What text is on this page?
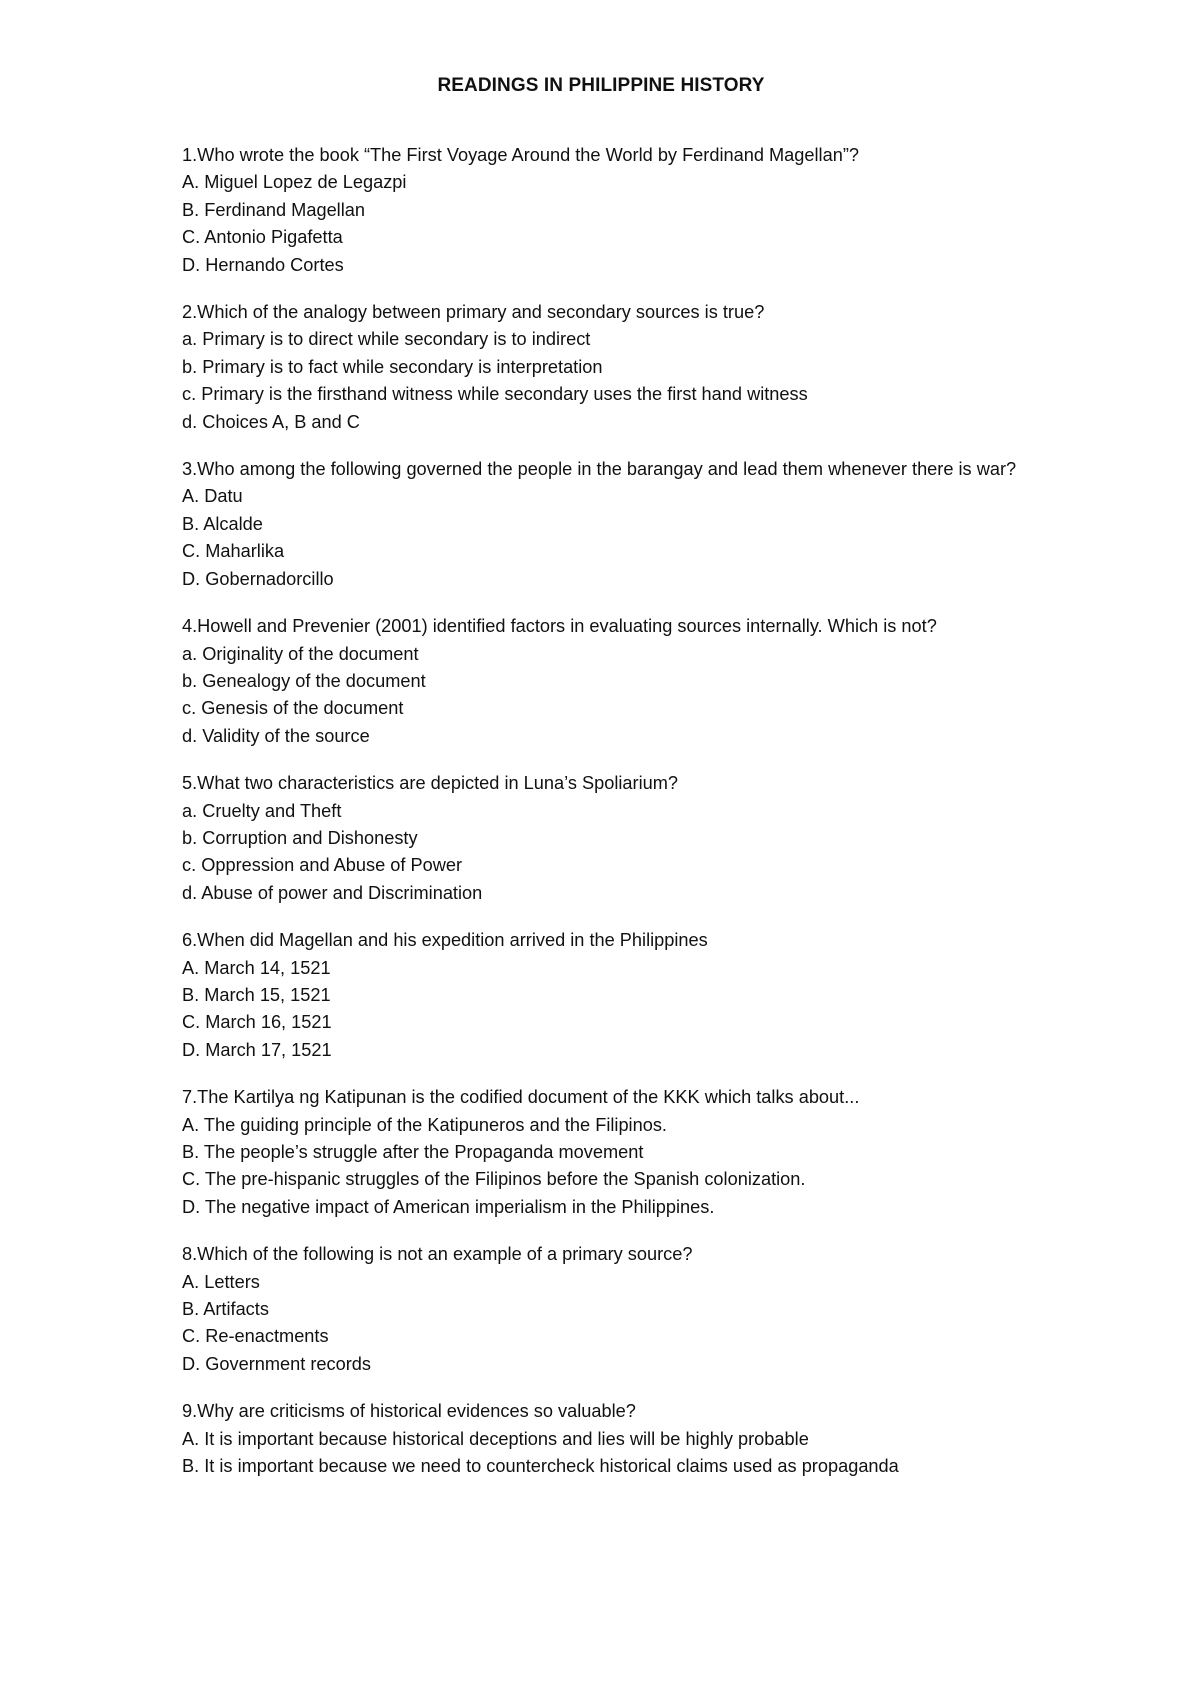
READINGS IN PHILIPPINE HISTORY

1.Who wrote the book “The First Voyage Around the World by Ferdinand Magellan”?

A. Miguel Lopez de Legazpi
B. Ferdinand Magellan
C. Antonio Pigafetta
D. Hernando Cortes

2.Which of the analogy between primary and secondary sources is true?

a. Primary is to direct while secondary is to indirect
b. Primary is to fact while secondary is interpretation
c. Primary is the firsthand witness while secondary uses the first hand witness
d. Choices A, B and C

3.Who among the following governed the people in the barangay and lead them whenever there is war?

A. Datu
B. Alcalde
C. Maharlika
D. Gobernadorcillo

4.Howell and Prevenier (2001) identified factors in evaluating sources internally. Which is not?

a. Originality of the document
b. Genealogy of the document
c. Genesis of the document
d. Validity of the source

5.What two characteristics are depicted in Luna’s Spoliarium?

a. Cruelty and Theft
b. Corruption and Dishonesty
c. Oppression and Abuse of Power
d. Abuse of power and Discrimination

6.When did Magellan and his expedition arrived in the Philippines

A. March 14, 1521
B. March 15, 1521
C. March 16, 1521
D. March 17, 1521

7.The Kartilya ng Katipunan is the codified document of the KKK which talks about...

A. The guiding principle of the Katipuneros and the Filipinos.
B. The people’s struggle after the Propaganda movement
C. The pre-hispanic struggles of the Filipinos before the Spanish colonization.
D. The negative impact of American imperialism in the Philippines.

8.Which of the following is not an example of a primary source?

A. Letters
B. Artifacts
C. Re-enactments
D. Government records

9.Why are criticisms of historical evidences so valuable?

A. It is important because historical deceptions and lies will be highly probable
B. It is important because we need to countercheck historical claims used as propaganda
